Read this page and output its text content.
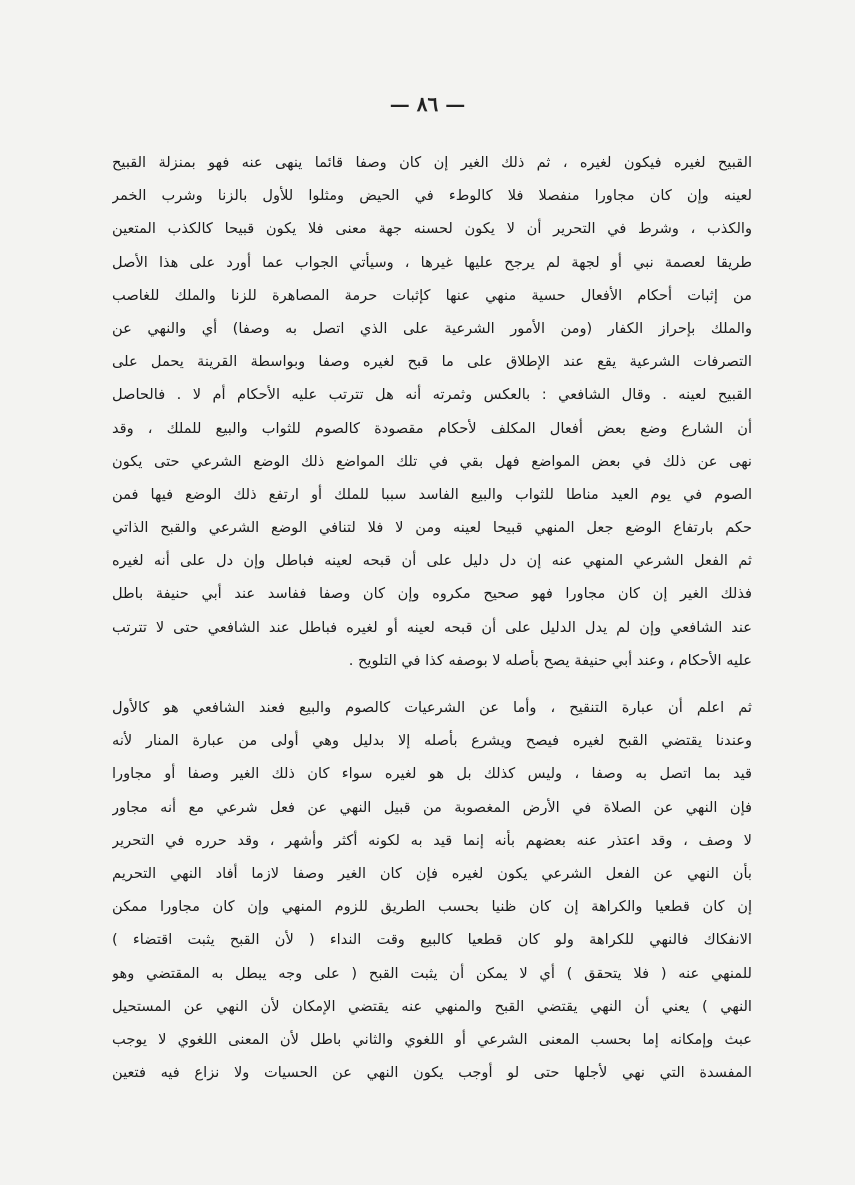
— ٨٦ —
القبيح لغيره فيكون لغيره ، ثم ذلك الغير إن كان وصفا قائما ينهى عنه فهو بمنزلة القبيح
لعينه وإن كان مجاورا منفصلا فلا كالوطء في الحيض ومثلوا للأول بالزنا وشرب الخمر
والكذب ، وشرط في التحرير أن لا يكون لحسنه جهة معنى فلا يكون قبيحا كالكذب المتعين
طريقا لعصمة نبي أو لجهة لم يرجح عليها غيرها ، وسيأتي الجواب عما أورد على هذا الأصل
من إثبات أحكام الأفعال حسية منهي عنها كإثبات حرمة المصاهرة للزنا والملك للغاصب
والملك بإحراز الكفار (ومن الأمور الشرعية على الذي اتصل به وصفا) أي والنهي عن
التصرفات الشرعية يقع عند الإطلاق على ما قبح لغيره وصفا وبواسطة القرينة يحمل على
القبيح لعينه . وقال الشافعي : بالعكس وثمرته أنه هل تترتب عليه الأحكام أم لا . فالحاصل
أن الشارع وضع بعض أفعال المكلف لأحكام مقصودة كالصوم للثواب والبيع للملك ، وقد
نهى عن ذلك في بعض المواضع فهل بقي في تلك المواضع ذلك الوضع الشرعي حتى يكون
الصوم في يوم العيد مناطا للثواب والبيع الفاسد سببا للملك أو ارتفع ذلك الوضع فيها فمن
حكم بارتفاع الوضع جعل المنهي قبيحا لعينه ومن لا فلا لتنافي الوضع الشرعي والقبح الذاتي
ثم الفعل الشرعي المنهي عنه إن دل دليل على أن قبحه لعينه فباطل وإن دل على أنه لغيره
فذلك الغير إن كان مجاورا فهو صحيح مكروه وإن كان وصفا ففاسد عند أبي حنيفة باطل
عند الشافعي وإن لم يدل الدليل على أن قبحه لعينه أو لغيره فباطل عند الشافعي حتى لا تترتب
عليه الأحكام ، وعند أبي حنيفة يصح بأصله لا بوصفه كذا في التلويح .
ثم اعلم أن عبارة التنقيح ، وأما عن الشرعيات كالصوم والبيع فعند الشافعي هو كالأول
وعندنا يقتضي القبح لغيره فيصح ويشرع بأصله إلا بدليل وهي أولى من عبارة المنار لأنه
قيد بما اتصل به وصفا ، وليس كذلك بل هو لغيره سواء كان ذلك الغير وصفا أو مجاورا
فإن النهي عن الصلاة في الأرض المغصوبة من قبيل النهي عن فعل شرعي مع أنه مجاور
لا وصف ، وقد اعتذر عنه بعضهم بأنه إنما قيد به لكونه أكثر وأشهر ، وقد حرره في التحرير
بأن النهي عن الفعل الشرعي يكون لغيره فإن كان الغير وصفا لازما أفاد النهي التحريم
إن كان قطعيا والكراهة إن كان ظنيا بحسب الطريق للزوم المنهي وإن كان مجاورا ممكن
الانفكاك فالنهي للكراهة ولو كان قطعيا كالبيع وقت النداء ( لأن القبح يثبت اقتضاء )
للمنهي عنه ( فلا يتحقق ) أي لا يمكن أن يثبت القبح ( على وجه يبطل به المقتضي وهو
النهي ) يعني أن النهي يقتضي القبح والمنهي عنه يقتضي الإمكان لأن النهي عن المستحيل
عبث وإمكانه إما بحسب المعنى الشرعي أو اللغوي والثاني باطل لأن المعنى اللغوي لا يوجب
المفسدة التي نهي لأجلها حتى لو أوجب يكون النهي عن الحسيات ولا نزاع فيه فتعين
